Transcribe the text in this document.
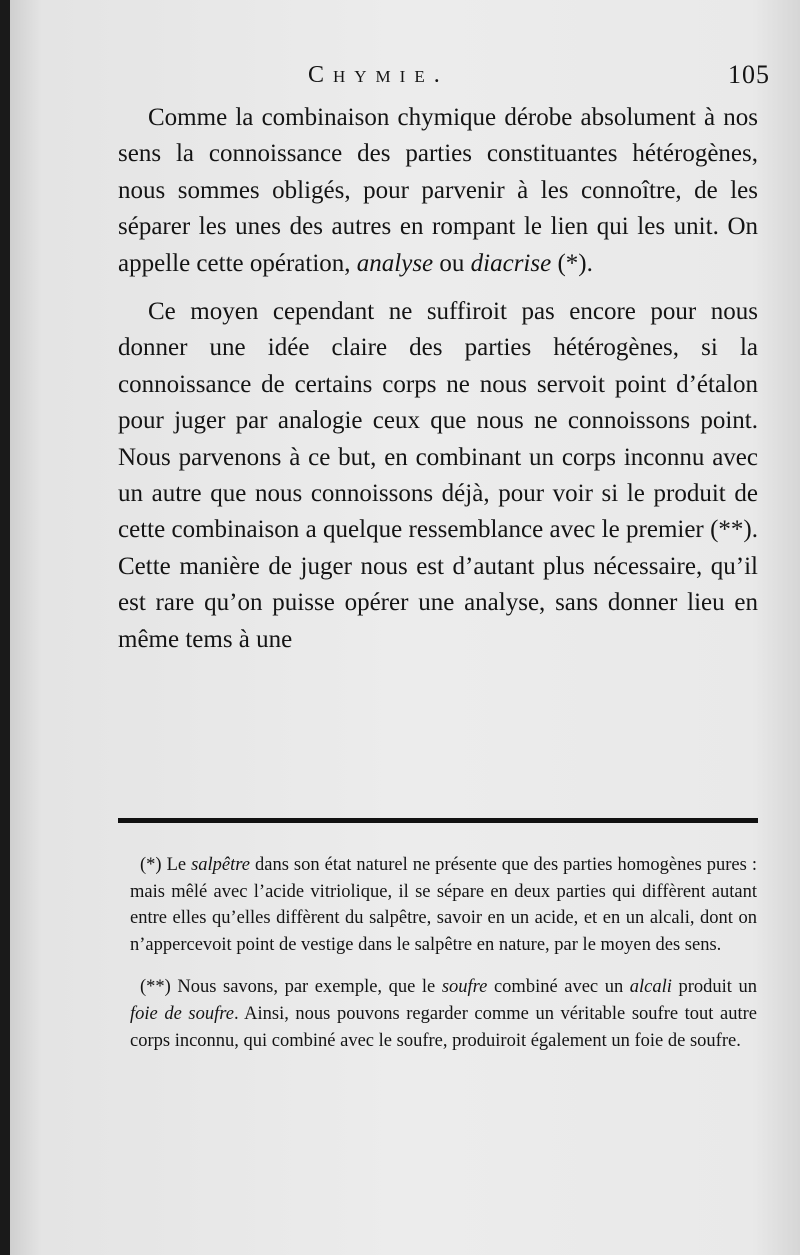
Chymie.	105

Comme la combinaison chymique dérobe absolument à nos sens la connoissance des parties constituantes hétérogènes, nous sommes obligés, pour parvenir à les connoître, de les séparer les unes des autres en rompant le lien qui les unit. On appelle cette opération, analyse ou diacrise (*).

Ce moyen cependant ne suffiroit pas encore pour nous donner une idée claire des parties hétérogènes, si la connoissance de certains corps ne nous servoit point d’étalon pour juger par analogie ceux que nous ne connoissons point. Nous parvenons à ce but, en combinant un corps inconnu avec un autre que nous connoissons déjà, pour voir si le produit de cette combinaison a quelque ressemblance avec le premier (**). Cette manière de juger nous est d’autant plus nécessaire, qu’il est rare qu’on puisse opérer une analyse, sans donner lieu en même tems à une

(*) Le salpêtre dans son état naturel ne présente que des parties homogènes pures : mais mêlé avec l’acide vitriolique, il se sépare en deux parties qui diffèrent autant entre elles qu’elles diffèrent du salpêtre, savoir en un acide, et en un alcali, dont on n’appercevoit point de vestige dans le salpêtre en nature, par le moyen des sens.

(**) Nous savons, par exemple, que le soufre combiné avec un alcali produit un foie de soufre. Ainsi, nous pouvons regarder comme un véritable soufre tout autre corps inconnu, qui combiné avec le soufre, produiroit également un foie de soufre.
